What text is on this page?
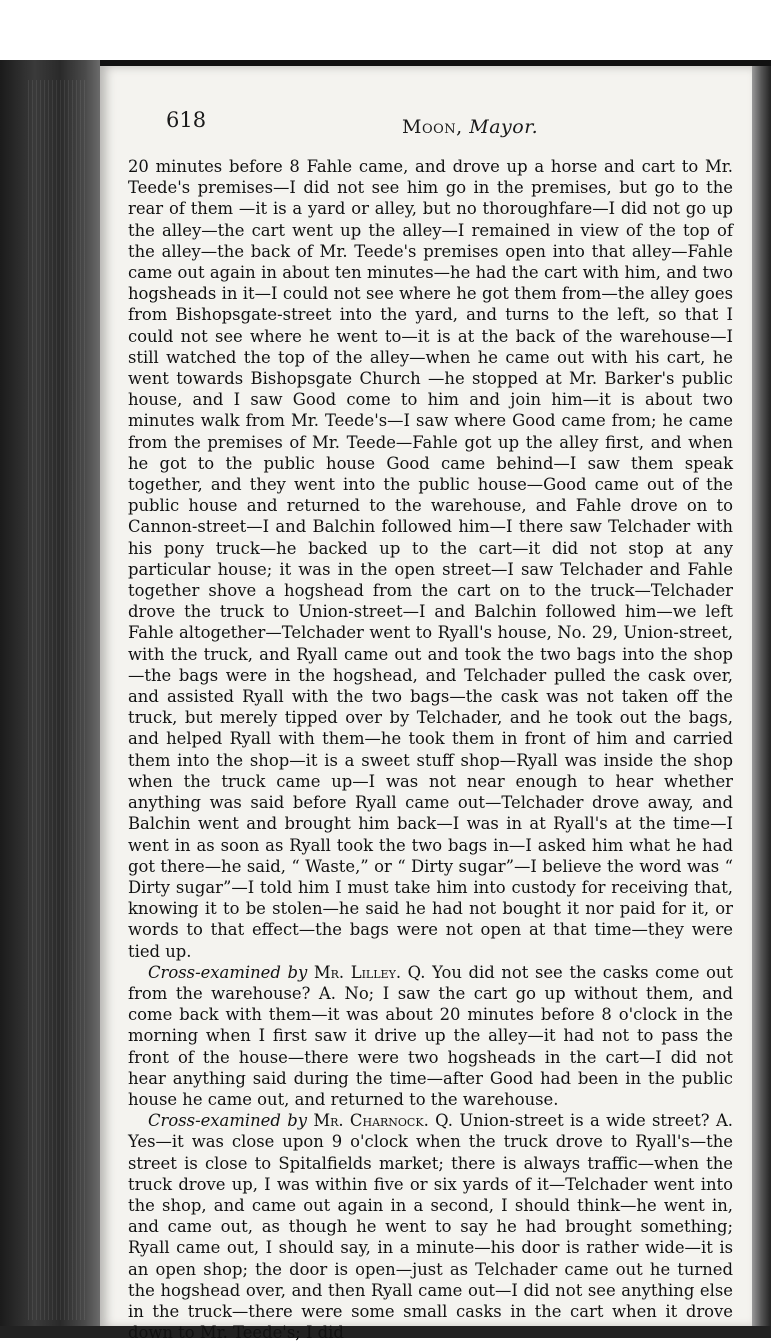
618	Moon, Mayor.

20 minutes before 8 Fahle came, and drove up a horse and cart to Mr. Teede's premises—I did not see him go in the premises, but go to the rear of them —it is a yard or alley, but no thoroughfare—I did not go up the alley—the cart went up the alley—I remained in view of the top of the alley—the back of Mr. Teede's premises open into that alley—Fahle came out again in about ten minutes—he had the cart with him, and two hogsheads in it—I could not see where he got them from—the alley goes from Bishopsgate-street into the yard, and turns to the left, so that I could not see where he went to—it is at the back of the warehouse—I still watched the top of the alley—when he came out with his cart, he went towards Bishopsgate Church —he stopped at Mr. Barker's public house, and I saw Good come to him and join him—it is about two minutes walk from Mr. Teede's—I saw where Good came from; he came from the premises of Mr. Teede—Fahle got up the alley first, and when he got to the public house Good came behind—I saw them speak together, and they went into the public house—Good came out of the public house and returned to the warehouse, and Fahle drove on to Cannon-street—I and Balchin followed him—I there saw Telchader with his pony truck—he backed up to the cart—it did not stop at any particular house; it was in the open street—I saw Telchader and Fahle together shove a hogshead from the cart on to the truck—Telchader drove the truck to Union-street—I and Balchin followed him—we left Fahle altogether—Telchader went to Ryall's house, No. 29, Union-street, with the truck, and Ryall came out and took the two bags into the shop—the bags were in the hogshead, and Telchader pulled the cask over, and assisted Ryall with the two bags—the cask was not taken off the truck, but merely tipped over by Telchader, and he took out the bags, and helped Ryall with them—he took them in front of him and carried them into the shop—it is a sweet stuff shop—Ryall was inside the shop when the truck came up—I was not near enough to hear whether anything was said before Ryall came out—Telchader drove away, and Balchin went and brought him back—I was in at Ryall's at the time—I went in as soon as Ryall took the two bags in—I asked him what he had got there—he said, “ Waste,” or “ Dirty sugar”—I believe the word was “ Dirty sugar”—I told him I must take him into custody for receiving that, knowing it to be stolen—he said he had not bought it nor paid for it, or words to that effect—the bags were not open at that time—they were tied up.

Cross-examined by Mr. Lilley. Q. You did not see the casks come out from the warehouse? A. No; I saw the cart go up without them, and come back with them—it was about 20 minutes before 8 o'clock in the morning when I first saw it drive up the alley—it had not to pass the front of the house—there were two hogsheads in the cart—I did not hear anything said during the time—after Good had been in the public house he came out, and returned to the warehouse.

Cross-examined by Mr. Charnock. Q. Union-street is a wide street? A. Yes—it was close upon 9 o'clock when the truck drove to Ryall's—the street is close to Spitalfields market; there is always traffic—when the truck drove up, I was within five or six yards of it—Telchader went into the shop, and came out again in a second, I should think—he went in, and came out, as though he went to say he had brought something; Ryall came out, I should say, in a minute—his door is rather wide—it is an open shop; the door is open—just as Telchader came out he turned the hogshead over, and then Ryall came out—I did not see anything else in the truck—there were some small casks in the cart when it drove down to Mr. Teede's; I did
